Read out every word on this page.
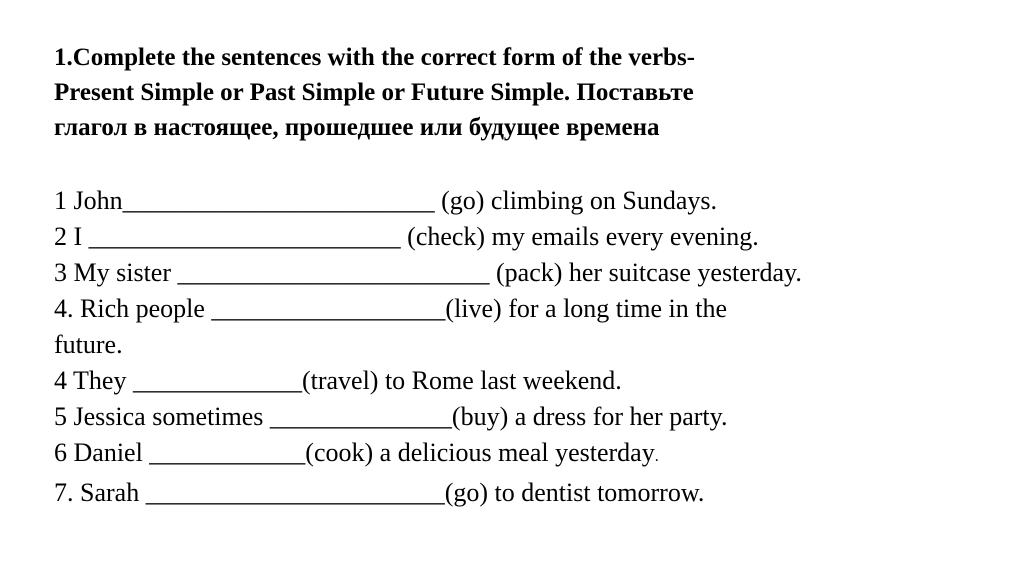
1.Complete the sentences with the correct form of the verbs-
Present Simple or Past Simple or Future Simple. Поставьте
глагол в настоящее, прошедшее или будущее времена
1 John________________________ (go) climbing on Sundays.
2 I ________________________ (check) my emails every evening.
3 My sister ________________________ (pack) her suitcase yesterday.
4. Rich people __________________(live) for a long time in the
future.
4 They _____________(travel) to Rome last weekend.
5 Jessica sometimes ______________(buy) a dress for her party.
6 Daniel ____________(cook) a delicious meal yesterday.
7. Sarah _______________________(go) to dentist tomorrow.
